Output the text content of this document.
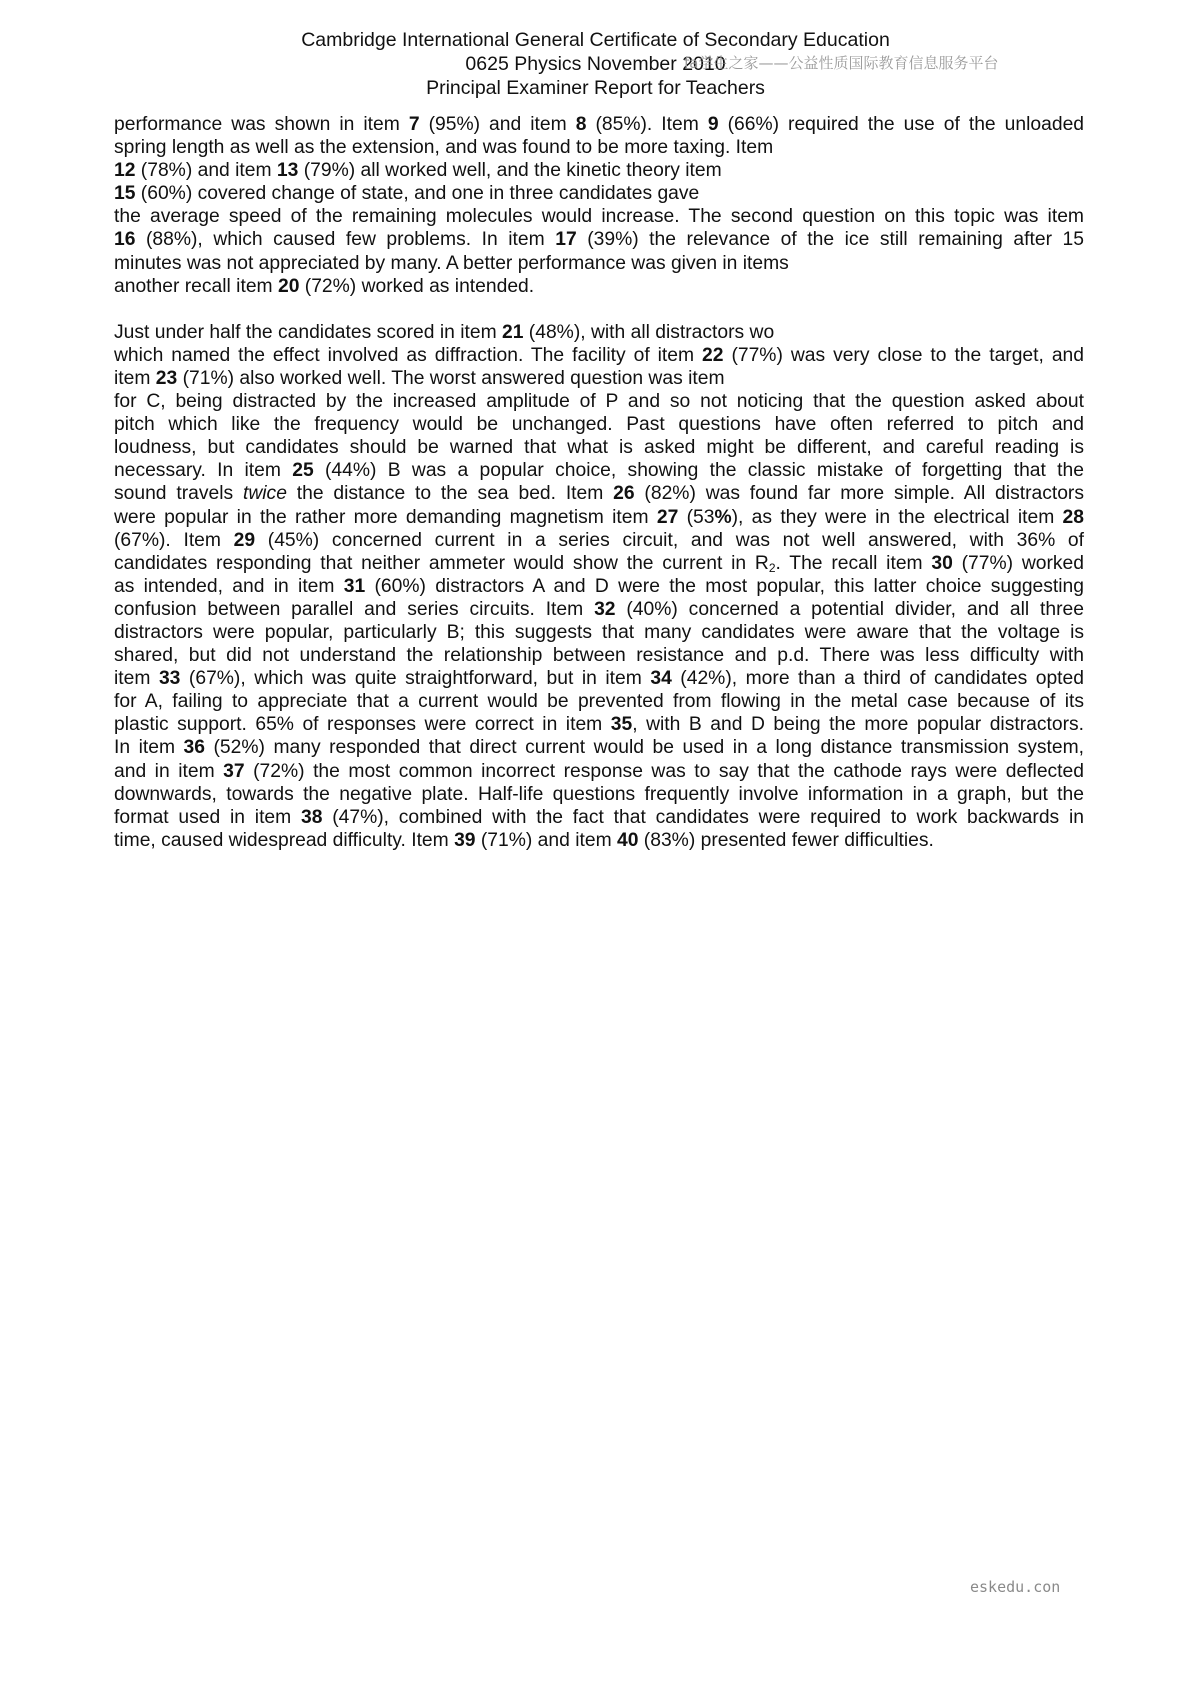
Cambridge International General Certificate of Secondary Education
0625 Physics November 2010
Principal Examiner Report for Teachers
fa学生之家——公益性质国际教育信息服务平台
performance was shown in item 7 (95%) and item 8 (85%). Item 9 (66%) required the use of the unloaded
spring length as well as the extension, and was found to be more taxing. Item
12 (78%) and item 13 (79%) all worked well, and the kinetic theory item
15 (60%) covered change of state, and one in three candidates gave
the average speed of the remaining molecules would increase. The second question on this topic was item
16 (88%), which caused few problems. In item 17 (39%) the relevance of the ice still remaining after 15
minutes was not appreciated by many. A better performance was given in items
another recall item 20 (72%) worked as intended.
Just under half the candidates scored in item 21 (48%), with all distractors wo
which named the effect involved as diffraction. The facility of item 22 (77%) was very close to the target, and
item 23 (71%) also worked well. The worst answered question was item
for C, being distracted by the increased amplitude of P and so not noticing that the question asked about
pitch which like the frequency would be unchanged. Past questions have often referred to pitch and
loudness, but candidates should be warned that what is asked might be different, and careful reading is
necessary. In item 25 (44%) B was a popular choice, showing the classic mistake of forgetting that the
sound travels twice the distance to the sea bed. Item 26 (82%) was found far more simple. All distractors
were popular in the rather more demanding magnetism item 27 (53%), as they were in the electrical item 28
(67%). Item 29 (45%) concerned current in a series circuit, and was not well answered, with 36% of
candidates responding that neither ammeter would show the current in $R_2$. The recall item 30 (77%) worked
as intended, and in item 31 (60%) distractors A and D were the most popular, this latter choice suggesting
confusion between parallel and series circuits. Item 32 (40%) concerned a potential divider, and all three
distractors were popular, particularly B; this suggests that many candidates were aware that the voltage is
shared, but did not understand the relationship between resistance and p.d. There was less difficulty with
item 33 (67%), which was quite straightforward, but in item 34 (42%), more than a third of candidates opted
for A, failing to appreciate that a current would be prevented from flowing in the metal case because of its
plastic support. 65% of responses were correct in item 35, with B and D being the more popular distractors.
In item 36 (52%) many responded that direct current would be used in a long distance transmission system,
and in item 37 (72%) the most common incorrect response was to say that the cathode rays were deflected
downwards, towards the negative plate. Half-life questions frequently involve information in a graph, but the
format used in item 38 (47%), combined with the fact that candidates were required to work backwards in
time, caused widespread difficulty. Item 39 (71%) and item 40 (83%) presented fewer difficulties.
eskedu.con
